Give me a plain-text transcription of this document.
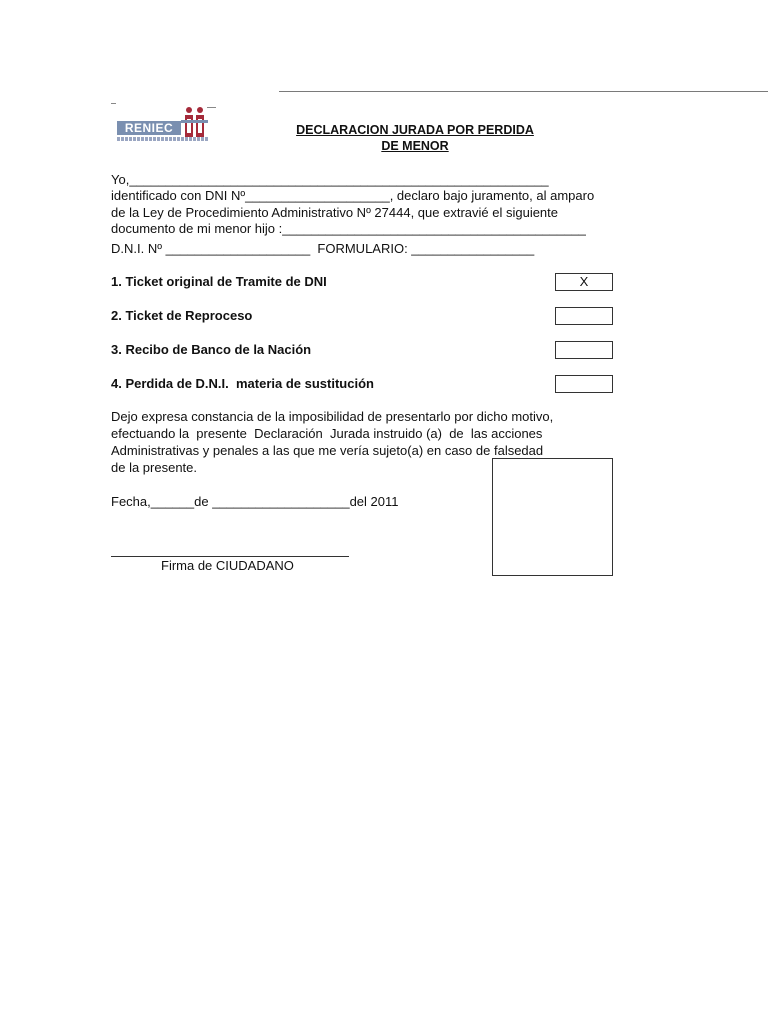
RENIEC	DECLARACION JURADA POR PERDIDA
DE MENOR
Yo,__________________________________________________________
identificado con DNI Nº____________________, declaro bajo juramento, al amparo
de la Ley de Procedimiento Administrativo Nº 27444, que extravié el siguiente
documento de mi menor hijo :__________________________________________
D.N.I. Nº ____________________  FORMULARIO: _________________
1. Ticket original de Tramite de DNI	X
2. Ticket de Reproceso
3. Recibo de Banco de la Nación
4. Perdida de D.N.I.  materia de sustitución
Dejo expresa constancia de la imposibilidad de presentarlo por dicho motivo,
efectuando la  presente  Declaración  Jurada instruido (a)  de  las acciones
Administrativas y penales a las que me vería sujeto(a) en caso de falsedad
de la presente.
Fecha,______de ___________________del 2011
Firma de CIUDADANO
